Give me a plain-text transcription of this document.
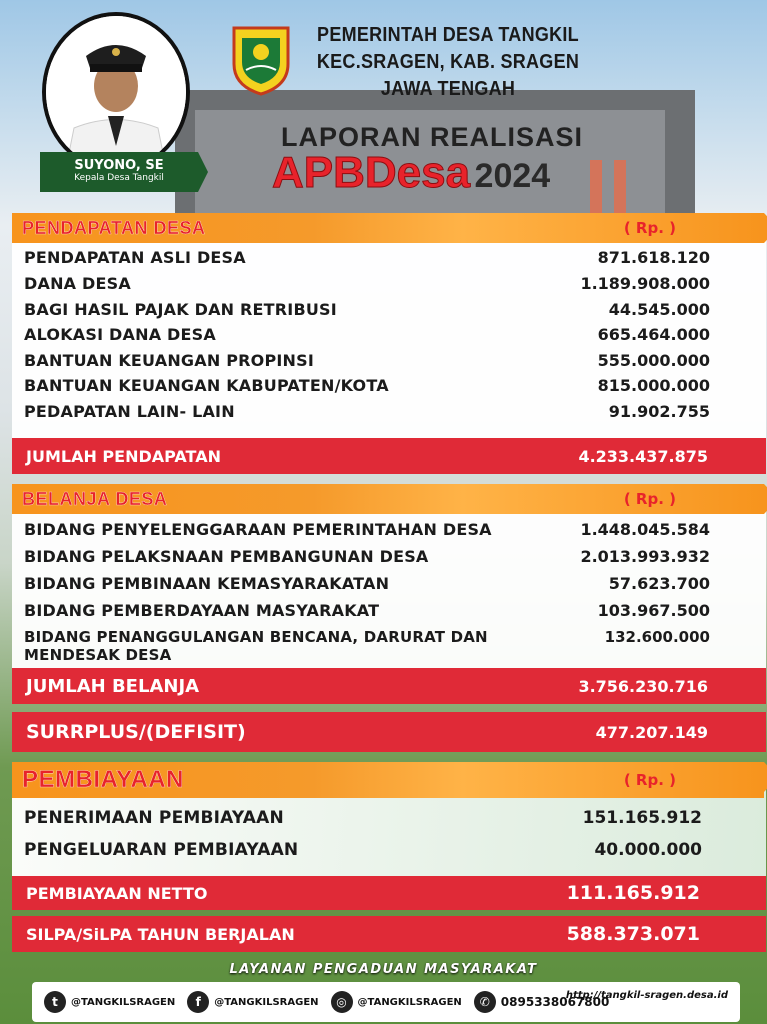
SUYONO, SE
Kepala Desa Tangkil
PEMERINTAH DESA TANGKIL
KEC.SRAGEN, KAB. SRAGEN
JAWA TENGAH
LAPORAN REALISASI
APBDesa 2024
PENDAPATAN ASLI DESA	871.618.120
DANA DESA	1.189.908.000
BAGI HASIL PAJAK DAN RETRIBUSI	44.545.000
ALOKASI DANA DESA	665.464.000
BANTUAN KEUANGAN PROPINSI	555.000.000
BANTUAN KEUANGAN KABUPATEN/KOTA	815.000.000
PEDAPATAN LAIN- LAIN	91.902.755
PENDAPATAN DESA	( Rp. )
JUMLAH PENDAPATAN	4.233.437.875
BIDANG PENYELENGGARAAN PEMERINTAHAN DESA	1.448.045.584
BIDANG PELAKSNAAN PEMBANGUNAN DESA	2.013.993.932
BIDANG PEMBINAAN KEMASYARAKATAN	57.623.700
BIDANG PEMBERDAYAAN MASYARAKAT	103.967.500
BIDANG PENANGGULANGAN BENCANA, DARURAT DAN MENDESAK DESA
132.600.000
BELANJA DESA	( Rp. )
JUMLAH BELANJA	3.756.230.716
SURRPLUS/(DEFISIT)	477.207.149
PENERIMAAN PEMBIAYAAN	151.165.912
PENGELUARAN PEMBIAYAAN	40.000.000
PEMBIAYAAN	( Rp. )
PEMBIAYAAN NETTO	111.165.912
SILPA/SiLPA TAHUN BERJALAN	588.373.071
LAYANAN PENGADUAN MASYARAKAT
t	@TANGKILSRAGEN	f	@TANGKILSRAGEN	◎	@TANGKILSRAGEN	✆ 0895338067800
http://tangkil-sragen.desa.id
